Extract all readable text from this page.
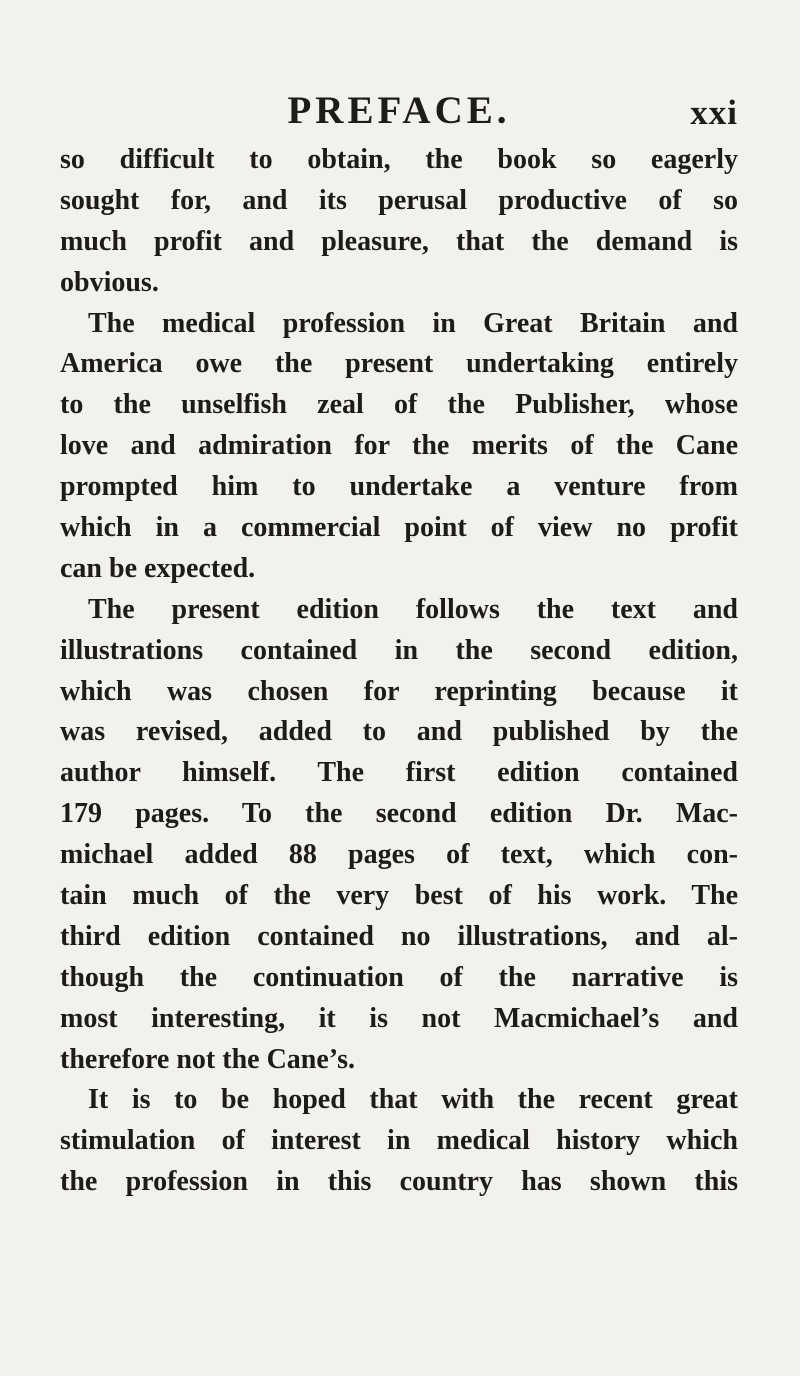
PREFACE.	xxi
so difficult to obtain, the book so eagerly
sought for, and its perusal productive of so
much profit and pleasure, that the demand is
obvious.
The medical profession in Great Britain and
America owe the present undertaking entirely
to the unselfish zeal of the Publisher, whose
love and admiration for the merits of the Cane
prompted him to undertake a venture from
which in a commercial point of view no profit
can be expected.
The present edition follows the text and
illustrations contained in the second edition,
which was chosen for reprinting because it
was revised, added to and published by the
author himself. The first edition contained
179 pages. To the second edition Dr. Mac-
michael added 88 pages of text, which con-
tain much of the very best of his work. The
third edition contained no illustrations, and al-
though the continuation of the narrative is
most interesting, it is not Macmichael’s and
therefore not the Cane’s.
It is to be hoped that with the recent great
stimulation of interest in medical history which
the profession in this country has shown this
